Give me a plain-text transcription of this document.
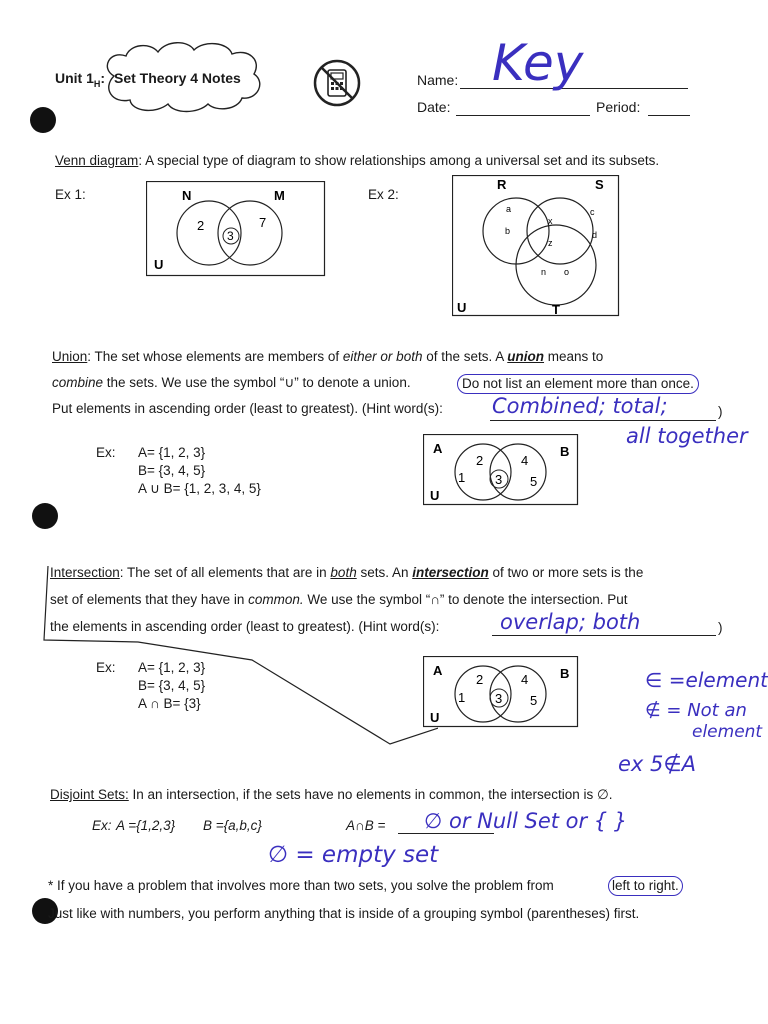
Unit $1_H$: Set Theory 4 Notes	Name: Key
Date:	Period:
Venn diagram: A special type of diagram to show relationships among a universal set and its subsets.
Ex 1:	N	M
U
2
3
7
Ex 2:
R	S
T
U
a
b
x
c
d
z
n o
Union: The set whose elements are members of either or both of the sets. A union means to
combine the sets. We use the symbol “∪” to denote a union.	Do not list an element more than once.
Put elements in ascending order (least to greatest). (Hint word(s): Combined; total;	)
all together
Ex: A= {1, 2, 3}
B= {3, 4, 5}
A ∪ B= {1, 2, 3, 4, 5}
A	B
U
2	4
1 3 5
Intersection: The set of all elements that are in both sets. An intersection of two or more sets is the
set of elements that they have in common. We use the symbol “∩” to denote the intersection. Put
the elements in ascending order (least to greatest). (Hint word(s):	overlap; both	)
Ex: A= {1, 2, 3}
B= {3, 4, 5}
A ∩ B= {3}
A	B
U
2	4
1 3 5
∈ =element
∉ = Not an
element
ex 5∉A
Disjoint Sets: In an intersection, if the sets have no elements in common, the intersection is ∅.
Ex: A ={1,2,3} B ={a,b,c}	A∩B = ∅ or Null Set or { }
∅ = empty set
* If you have a problem that involves more than two sets, you solve the problem from	left to right.
Just like with numbers, you perform anything that is inside of a grouping symbol (parentheses) first.
